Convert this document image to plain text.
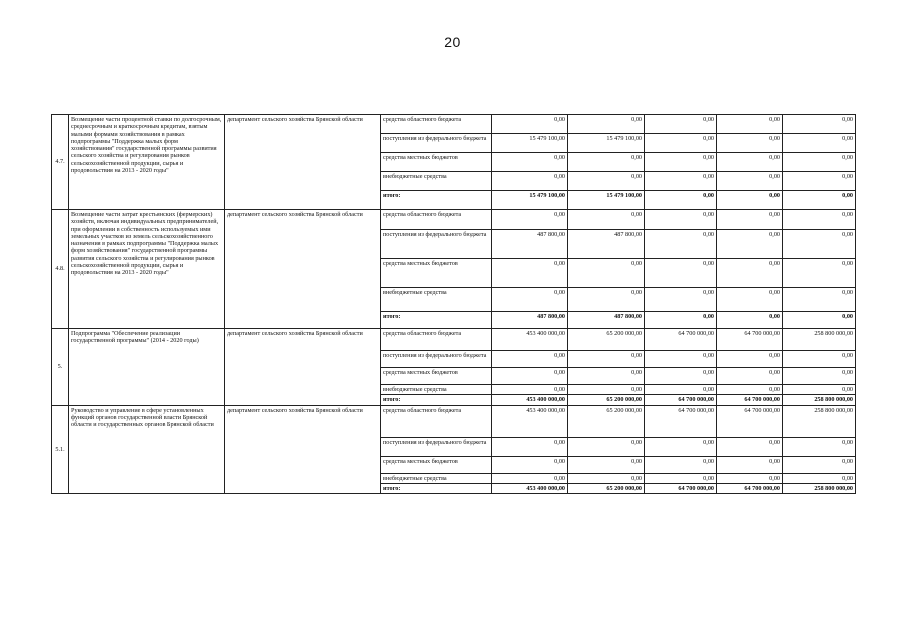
20
4.7.	Возмещение части процентной ставки по долгосрочным, среднесрочным и краткосрочным кредитам, взятым малыми формами хозяйствования в рамках подпрограммы "Поддержка малых форм хозяйствования" государственной программы развития сельского хозяйства и регулирования рынков сельскохозяйственной продукции, сырья и продовольствия на 2013 - 2020 годы"	департамент сельского хозяйства Брянской области	средства областного бюджета	0,00	0,00	0,00	0,00	0,00
			поступления из федерального бюджета	15 479 100,00	15 479 100,00	0,00	0,00	0,00
			средства местных бюджетов	0,00	0,00	0,00	0,00	0,00
			внебюджетные средства	0,00	0,00	0,00	0,00	0,00
			итого:	15 479 100,00	15 479 100,00	0,00	0,00	0,00
4.8.	Возмещение части затрат крестьянских (фермерских) хозяйств, включая индивидуальных предпринимателей, при оформлении в собственность используемых ими земельных участков из земель сельскохозяйственного назначения в рамках подпрограммы "Поддержка малых форм хозяйствования" государственной программы развития сельского хозяйства и регулирования рынков сельскохозяйственной продукции, сырья и продовольствия на 2013 - 2020 годы"	департамент сельского хозяйства Брянской области	средства областного бюджета	0,00	0,00	0,00	0,00	0,00
			поступления из федерального бюджета	487 800,00	487 800,00	0,00	0,00	0,00
			средства местных бюджетов	0,00	0,00	0,00	0,00	0,00
			внебюджетные средства	0,00	0,00	0,00	0,00	0,00
			итого:	487 800,00	487 800,00	0,00	0,00	0,00
5.	Подпрограмма "Обеспечение реализации государственной программы" (2014 - 2020 годы)	департамент сельского хозяйства Брянской области	средства областного бюджета	453 400 000,00	65 200 000,00	64 700 000,00	64 700 000,00	258 800 000,00
			поступления из федерального бюджета	0,00	0,00	0,00	0,00	0,00
			средства местных бюджетов	0,00	0,00	0,00	0,00	0,00
			внебюджетные средства	0,00	0,00	0,00	0,00	0,00
			итого:	453 400 000,00	65 200 000,00	64 700 000,00	64 700 000,00	258 800 000,00
5.1.	Руководство и управление в сфере установленных функций органов государственной власти Брянской области и государственных органов Брянской области	департамент сельского хозяйства Брянской области	средства областного бюджета	453 400 000,00	65 200 000,00	64 700 000,00	64 700 000,00	258 800 000,00
			поступления из федерального бюджета	0,00	0,00	0,00	0,00	0,00
			средства местных бюджетов	0,00	0,00	0,00	0,00	0,00
			внебюджетные средства	0,00	0,00	0,00	0,00	0,00
			итого:	453 400 000,00	65 200 000,00	64 700 000,00	64 700 000,00	258 800 000,00
